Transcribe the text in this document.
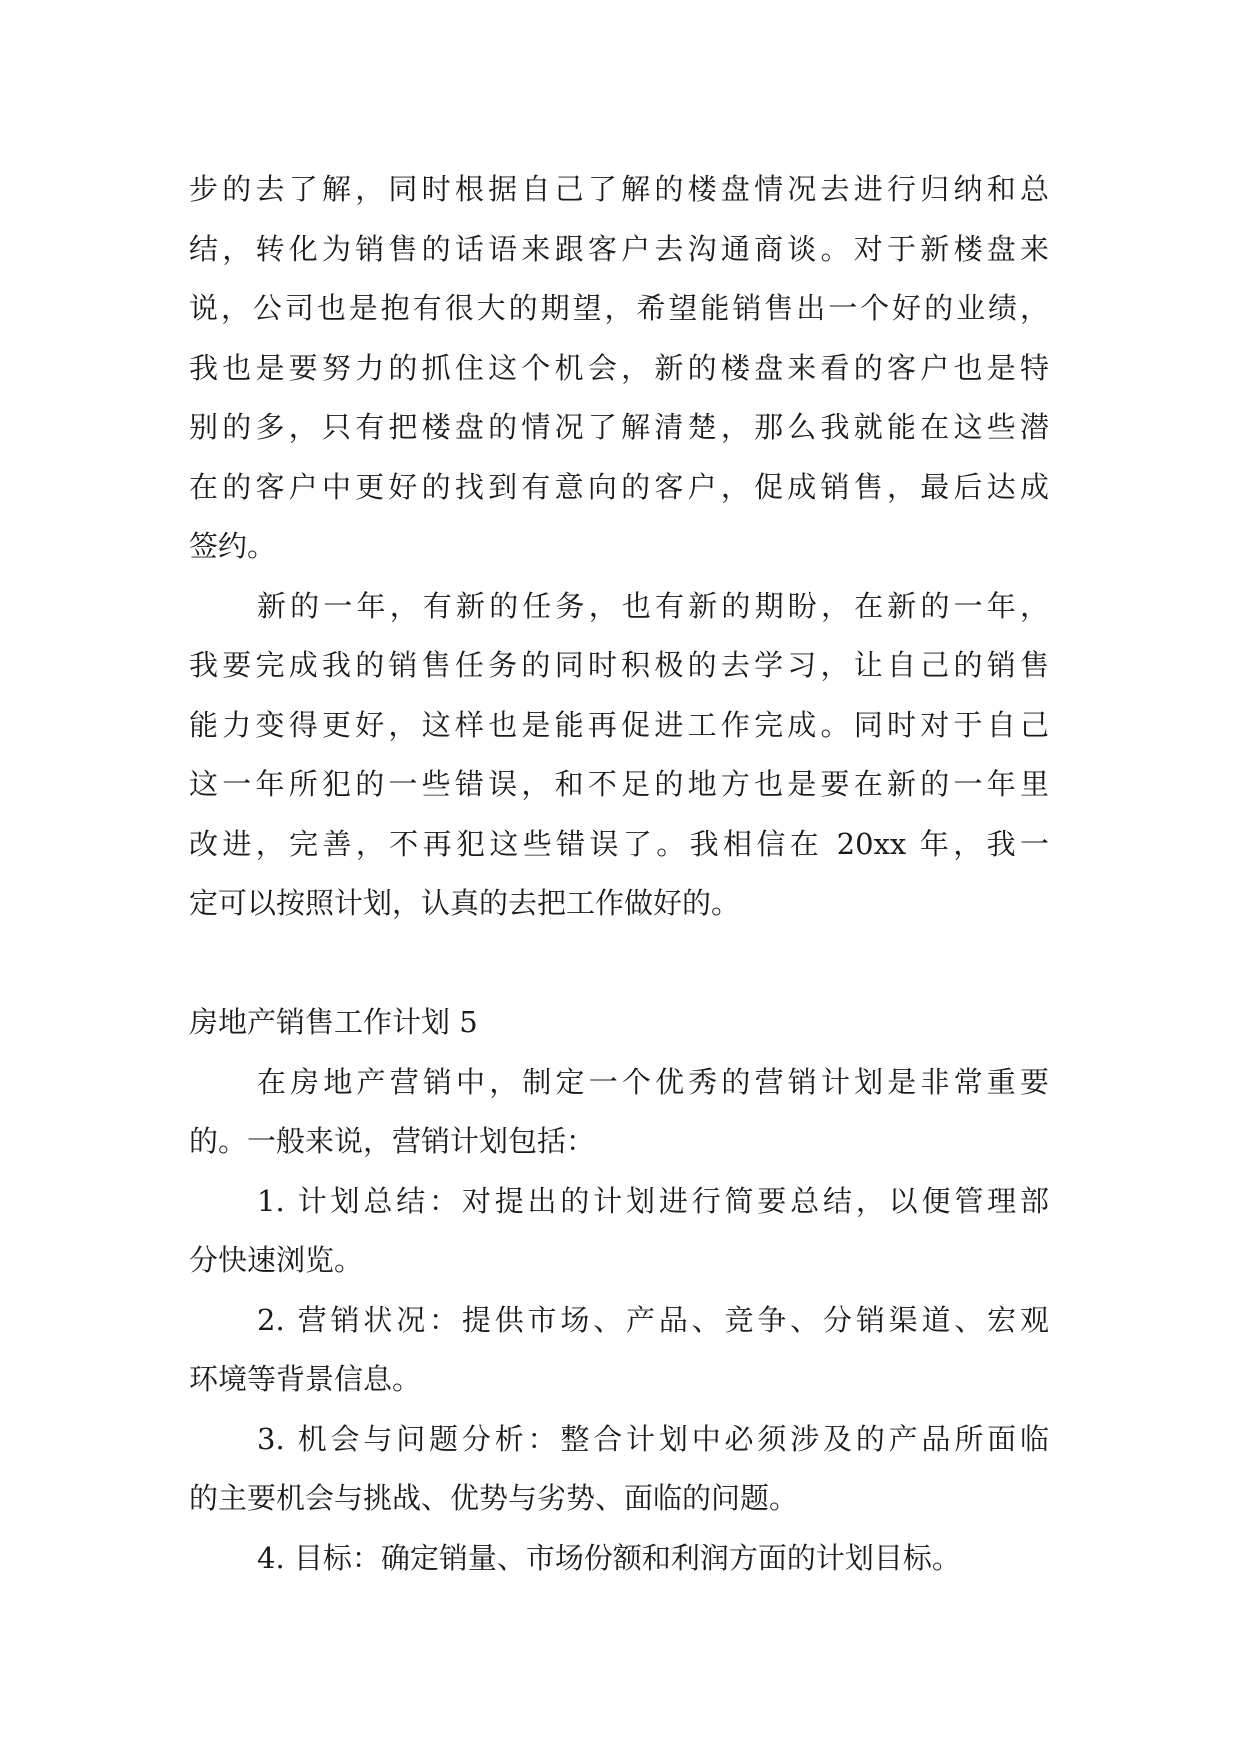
步的去了解，同时根据自己了解的楼盘情况去进行归纳和总
结，转化为销售的话语来跟客户去沟通商谈。对于新楼盘来
说，公司也是抱有很大的期望，希望能销售出一个好的业绩，
我也是要努力的抓住这个机会，新的楼盘来看的客户也是特
别的多，只有把楼盘的情况了解清楚，那么我就能在这些潜
在的客户中更好的找到有意向的客户，促成销售，最后达成
签约。
新的一年，有新的任务，也有新的期盼，在新的一年，
我要完成我的销售任务的同时积极的去学习，让自己的销售
能力变得更好，这样也是能再促进工作完成。同时对于自己
这一年所犯的一些错误，和不足的地方也是要在新的一年里
改进，完善，不再犯这些错误了。我相信在 20xx 年，我一
定可以按照计划，认真的去把工作做好的。
房地产销售工作计划 5
在房地产营销中，制定一个优秀的营销计划是非常重要
的。一般来说，营销计划包括：
1. 计划总结：对提出的计划进行简要总结，以便管理部
分快速浏览。
2. 营销状况：提供市场、产品、竞争、分销渠道、宏观
环境等背景信息。
3. 机会与问题分析：整合计划中必须涉及的产品所面临
的主要机会与挑战、优势与劣势、面临的问题。
4. 目标：确定销量、市场份额和利润方面的计划目标。
